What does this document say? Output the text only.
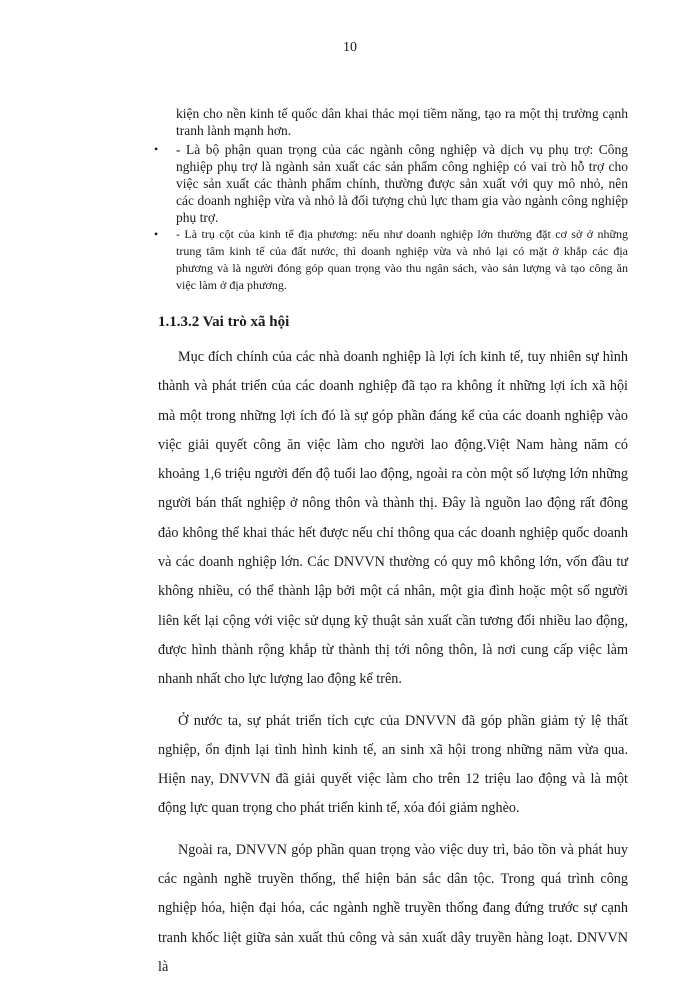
10
kiện cho nền kinh tế quốc dân khai thác mọi tiềm năng, tạo ra một thị trường cạnh tranh lành mạnh hơn.
• - Là bộ phận quan trọng của các ngành công nghiệp và dịch vụ phụ trợ: Công nghiệp phụ trợ là ngành sản xuất các sản phẩm công nghiệp có vai trò hỗ trợ cho việc sản xuất các thành phẩm chính, thường được sản xuất với quy mô nhỏ, nên các doanh nghiệp vừa và nhỏ là đối tượng chủ lực tham gia vào ngành công nghiệp phụ trợ.
• - Là trụ cột của kinh tế địa phương: nếu như doanh nghiệp lớn thường đặt cơ sở ở những trung tâm kinh tế của đất nước, thì doanh nghiệp vừa và nhỏ lại có mặt ở khắp các địa phương và là người đóng góp quan trọng vào thu ngân sách, vào sản lượng và tạo công ăn việc làm ở địa phương.
1.1.3.2 Vai trò xã hội

Mục đích chính của các nhà doanh nghiệp là lợi ích kinh tế, tuy nhiên sự hình thành và phát triển của các doanh nghiệp đã tạo ra không ít những lợi ích xã hội mà một trong những lợi ích đó là sự góp phần đáng kể của các doanh nghiệp vào việc giải quyết công ăn việc làm cho người lao động.Việt Nam hàng năm có khoảng 1,6 triệu người đến độ tuổi lao động, ngoài ra còn một số lượng lớn những người bán thất nghiệp ở nông thôn và thành thị. Đây là nguồn lao động rất đông đảo không thể khai thác hết được nếu chỉ thông qua các doanh nghiệp quốc doanh và các doanh nghiệp lớn. Các DNVVN thường có quy mô không lớn, vốn đầu tư không nhiều, có thể thành lập bởi một cá nhân, một gia đình hoặc một số người liên kết lại cộng với việc sử dụng kỹ thuật sản xuất cần tương đối nhiều lao động, được hình thành rộng khắp từ thành thị tới nông thôn, là nơi cung cấp việc làm nhanh nhất cho lực lượng lao động kể trên.

Ở nước ta, sự phát triển tích cực của DNVVN đã góp phần giảm tỷ lệ thất nghiệp, ổn định lại tình hình kinh tế, an sinh xã hội trong những năm vừa qua. Hiện nay, DNVVN đã giải quyết việc làm cho trên 12 triệu lao động và là một động lực quan trọng cho phát triển kinh tế, xóa đói giảm nghèo.

Ngoài ra, DNVVN góp phần quan trọng vào việc duy trì, bảo tồn và phát huy các ngành nghề truyền thống, thể hiện bản sắc dân tộc. Trong quá trình công nghiệp hóa, hiện đại hóa, các ngành nghề truyền thống đang đứng trước sự cạnh tranh khốc liệt giữa sản xuất thủ công và sản xuất dây truyền hàng loạt. DNVVN là
